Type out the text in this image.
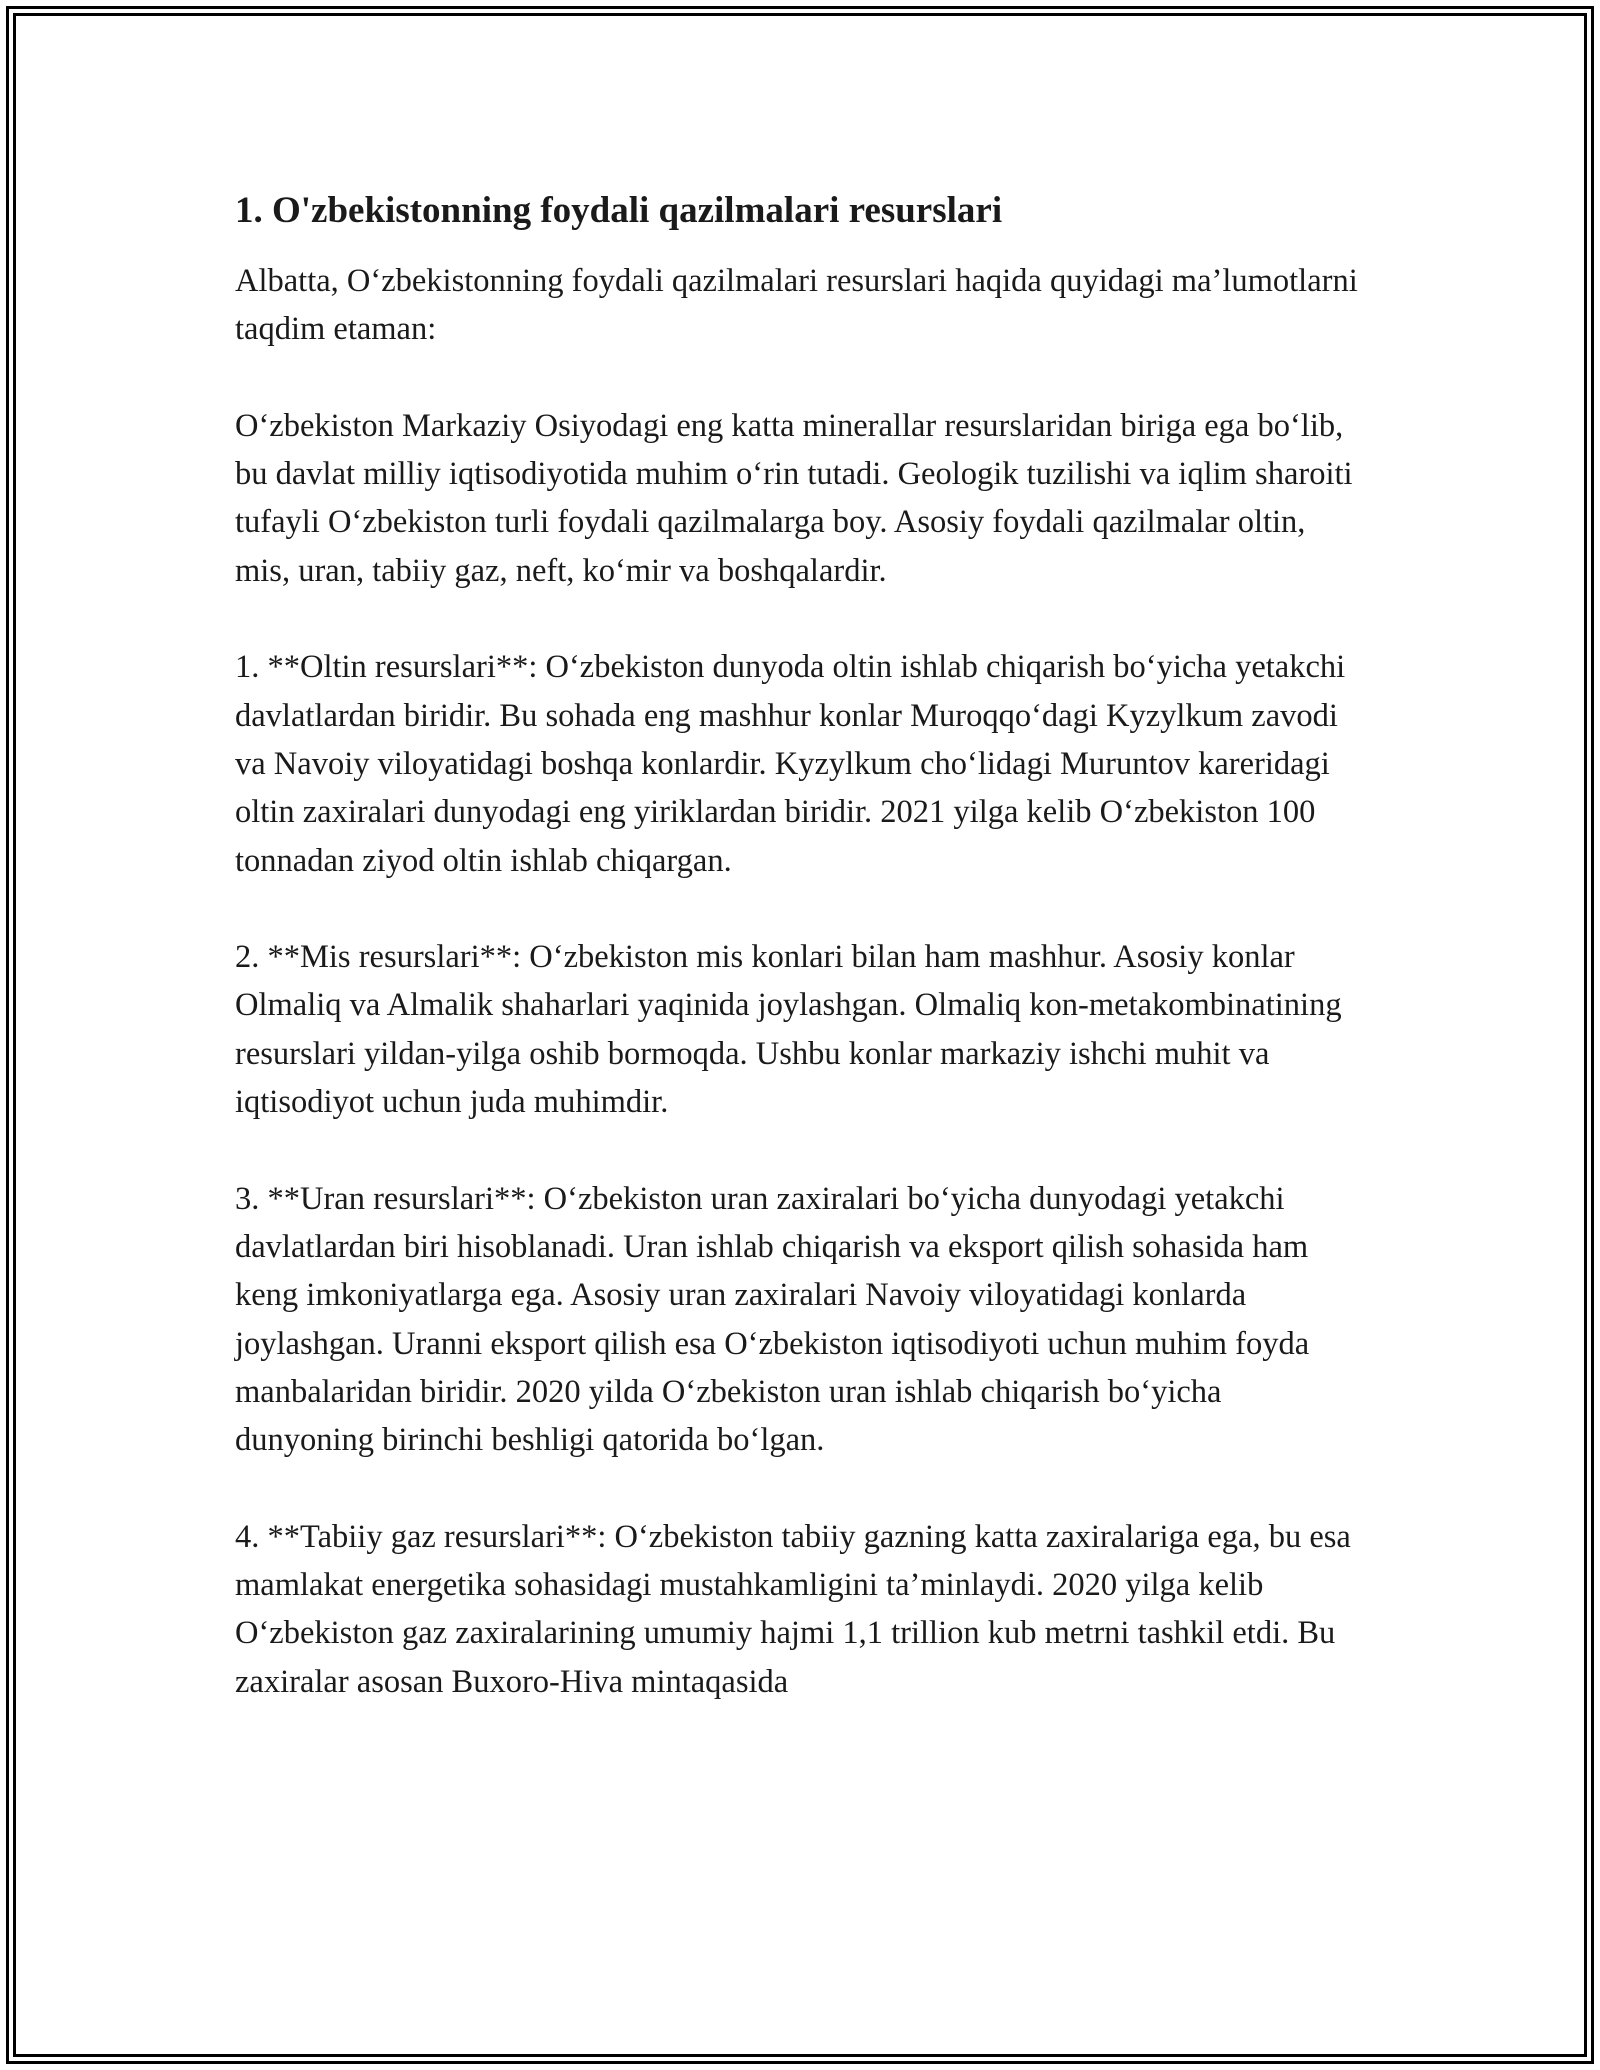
1. O'zbekistonning foydali qazilmalari resurslari

Albatta, O‘zbekistonning foydali qazilmalari resurslari haqida quyidagi ma’lumotlarni taqdim etaman:

O‘zbekiston Markaziy Osiyodagi eng katta minerallar resurslaridan biriga ega bo‘lib, bu davlat milliy iqtisodiyotida muhim o‘rin tutadi. Geologik tuzilishi va iqlim sharoiti tufayli O‘zbekiston turli foydali qazilmalarga boy. Asosiy foydali qazilmalar oltin, mis, uran, tabiiy gaz, neft, ko‘mir va boshqalardir.

1. **Oltin resurslari**: O‘zbekiston dunyoda oltin ishlab chiqarish bo‘yicha yetakchi davlatlardan biridir. Bu sohada eng mashhur konlar Muroqqo‘dagi Kyzylkum zavodi va Navoiy viloyatidagi boshqa konlardir. Kyzylkum cho‘lidagi Muruntov kareridagi oltin zaxiralari dunyodagi eng yiriklardan biridir. 2021 yilga kelib O‘zbekiston 100 tonnadan ziyod oltin ishlab chiqargan.

2. **Mis resurslari**: O‘zbekiston mis konlari bilan ham mashhur. Asosiy konlar Olmaliq va Almalik shaharlari yaqinida joylashgan. Olmaliq kon-metakombinatining resurslari yildan-yilga oshib bormoqda. Ushbu konlar markaziy ishchi muhit va iqtisodiyot uchun juda muhimdir.

3. **Uran resurslari**: O‘zbekiston uran zaxiralari bo‘yicha dunyodagi yetakchi davlatlardan biri hisoblanadi. Uran ishlab chiqarish va eksport qilish sohasida ham keng imkoniyatlarga ega. Asosiy uran zaxiralari Navoiy viloyatidagi konlarda joylashgan. Uranni eksport qilish esa O‘zbekiston iqtisodiyoti uchun muhim foyda manbalaridan biridir. 2020 yilda O‘zbekiston uran ishlab chiqarish bo‘yicha dunyoning birinchi beshligi qatorida bo‘lgan.

4. **Tabiiy gaz resurslari**: O‘zbekiston tabiiy gazning katta zaxiralariga ega, bu esa mamlakat energetika sohasidagi mustahkamligini ta’minlaydi. 2020 yilga kelib O‘zbekiston gaz zaxiralarining umumiy hajmi 1,1 trillion kub metrni tashkil etdi. Bu zaxiralar asosan Buxoro-Hiva mintaqasida
